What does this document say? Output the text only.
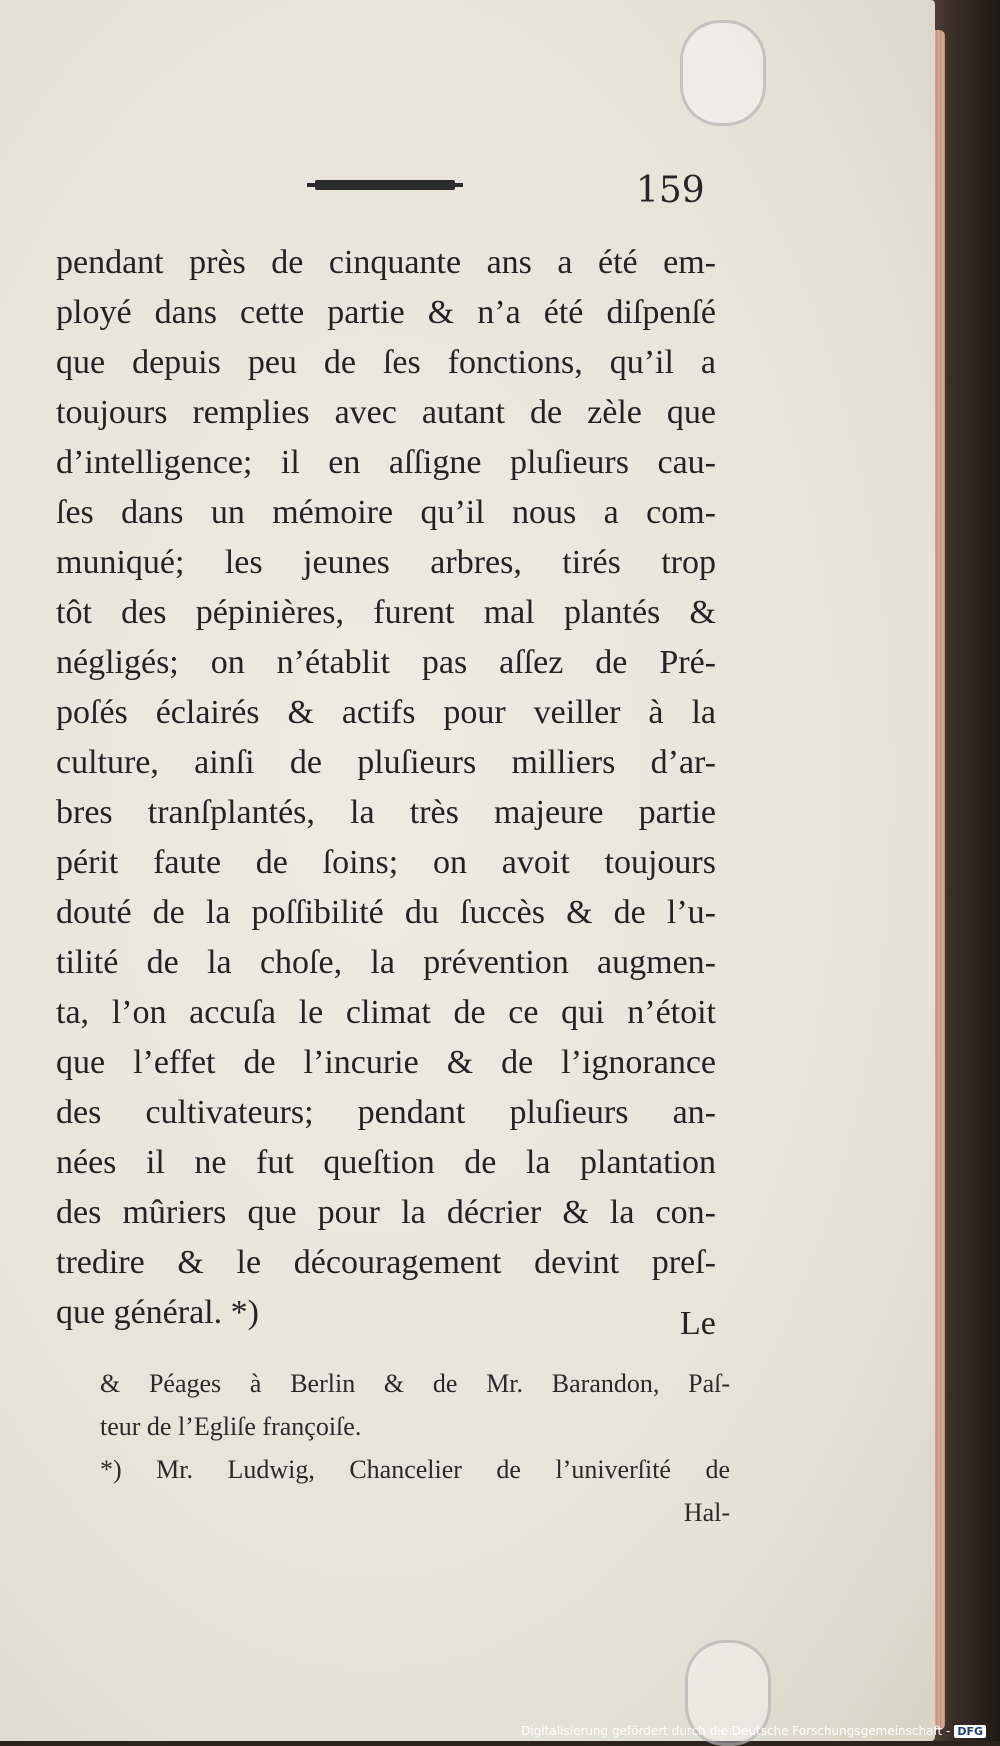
159
pendant près de cinquante ans a été em-
ployé dans cette partie & n’a été diſpenſé
que depuis peu de ſes fonctions, qu’il a
toujours remplies avec autant de zèle que
d’intelligence; il en aſſigne pluſieurs cau-
ſes dans un mémoire qu’il nous a com-
muniqué; les jeunes arbres, tirés trop
tôt des pépinières, furent mal plantés &
négligés; on n’établit pas aſſez de Pré-
poſés éclairés & actifs pour veiller à la
culture, ainſi de pluſieurs milliers d’ar-
bres tranſplantés, la très majeure partie
périt faute de ſoins; on avoit toujours
douté de la poſſibilité du ſuccès & de l’u-
tilité de la choſe, la prévention augmen-
ta, l’on accuſa le climat de ce qui n’étoit
que l’effet de l’incurie & de l’ignorance
des cultivateurs; pendant pluſieurs an-
nées il ne fut queſtion de la plantation
des mûriers que pour la décrier & la con-
tredire & le découragement devint preſ-
que général. *)	Le
& Péages à Berlin & de Mr. Barandon, Paſ-
teur de l’Egliſe françoiſe.
*) Mr. Ludwig, Chancelier de l’univerſité de
Hal-
Digitalisierung gefördert durch die Deutsche Forschungsgemeinschaft - DFG
